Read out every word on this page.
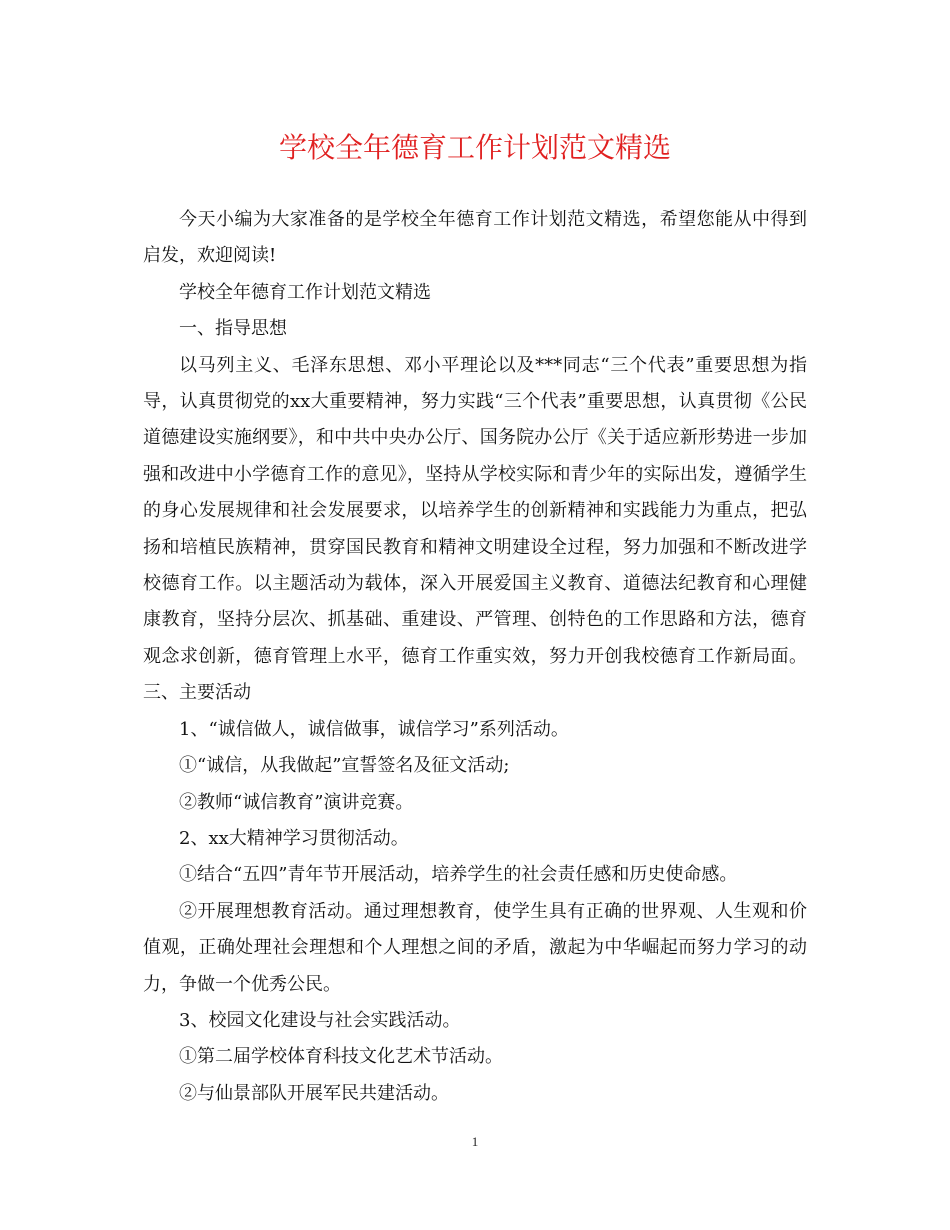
学校全年德育工作计划范文精选

今天小编为大家准备的是学校全年德育工作计划范文精选，希望您能从中得到启发，欢迎阅读!

学校全年德育工作计划范文精选

一、指导思想

以马列主义、毛泽东思想、邓小平理论以及***同志“三个代表”重要思想为指导，认真贯彻党的xx大重要精神，努力实践“三个代表”重要思想，认真贯彻《公民道德建设实施纲要》，和中共中央办公厅、国务院办公厅《关于适应新形势进一步加强和改进中小学德育工作的意见》，坚持从学校实际和青少年的实际出发，遵循学生的身心发展规律和社会发展要求，以培养学生的创新精神和实践能力为重点，把弘扬和培植民族精神，贯穿国民教育和精神文明建设全过程，努力加强和不断改进学校德育工作。以主题活动为载体，深入开展爱国主义教育、道德法纪教育和心理健康教育，坚持分层次、抓基础、重建设、严管理、创特色的工作思路和方法，德育观念求创新，德育管理上水平，德育工作重实效，努力开创我校德育工作新局面。三、主要活动

1、“诚信做人，诚信做事，诚信学习”系列活动。

①“诚信，从我做起”宣誓签名及征文活动;

②教师“诚信教育”演讲竞赛。

2、xx大精神学习贯彻活动。

①结合“五四”青年节开展活动，培养学生的社会责任感和历史使命感。

②开展理想教育活动。通过理想教育，使学生具有正确的世界观、人生观和价值观，正确处理社会理想和个人理想之间的矛盾，激起为中华崛起而努力学习的动力，争做一个优秀公民。

3、校园文化建设与社会实践活动。

①第二届学校体育科技文化艺术节活动。

②与仙景部队开展军民共建活动。

1
